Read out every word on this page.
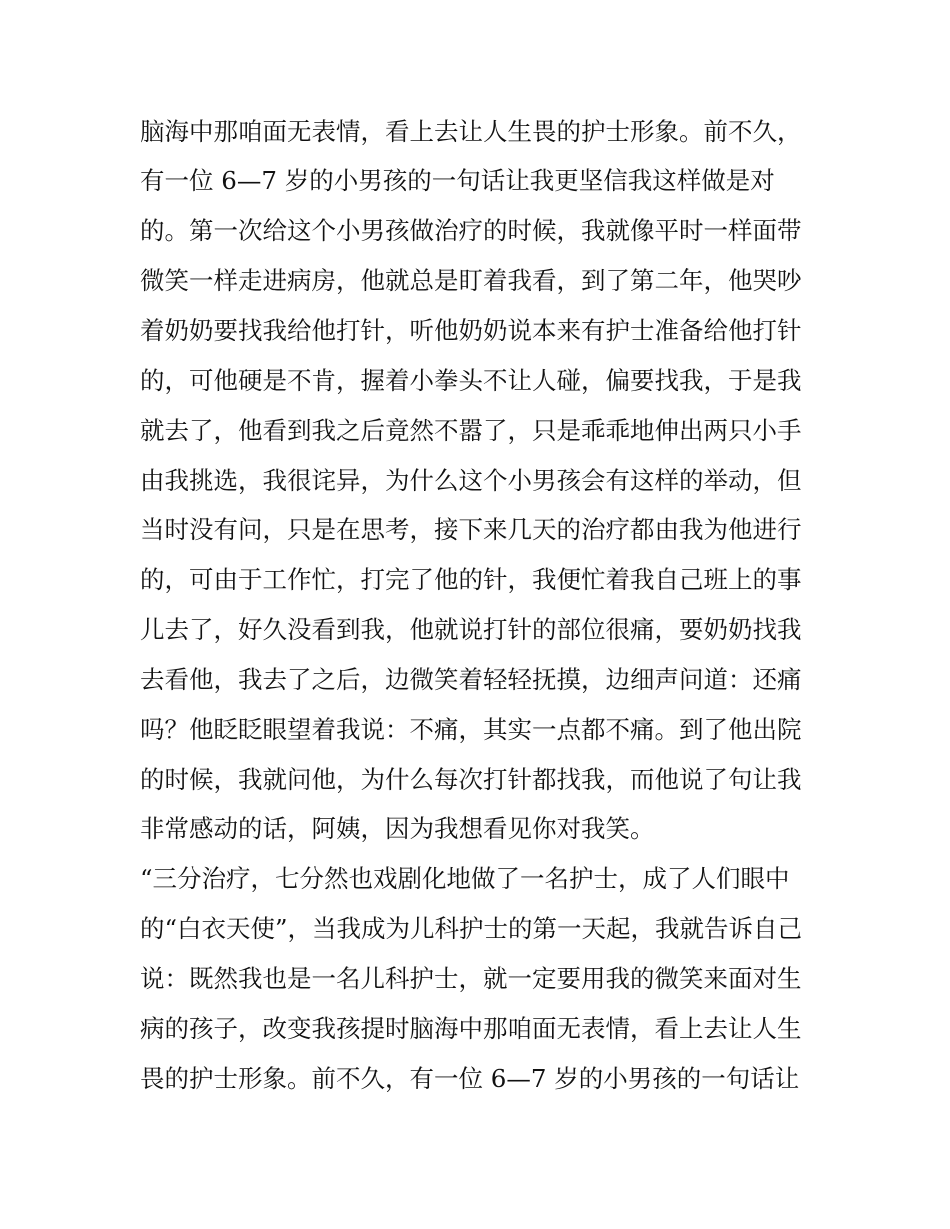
脑海中那咱面无表情，看上去让人生畏的护士形象。前不久，
有一位 6—7 岁的小男孩的一句话让我更坚信我这样做是对
的。第一次给这个小男孩做治疗的时候，我就像平时一样面带
微笑一样走进病房，他就总是盯着我看，到了第二年，他哭吵
着奶奶要找我给他打针，听他奶奶说本来有护士准备给他打针
的，可他硬是不肯，握着小拳头不让人碰，偏要找我，于是我
就去了，他看到我之后竟然不嚣了，只是乖乖地伸出两只小手
由我挑选，我很诧异，为什么这个小男孩会有这样的举动，但
当时没有问，只是在思考，接下来几天的治疗都由我为他进行
的，可由于工作忙，打完了他的针，我便忙着我自己班上的事
儿去了，好久没看到我，他就说打针的部位很痛，要奶奶找我
去看他，我去了之后，边微笑着轻轻抚摸，边细声问道：还痛
吗？他眨眨眼望着我说：不痛，其实一点都不痛。到了他出院
的时候，我就问他，为什么每次打针都找我，而他说了句让我
非常感动的话，阿姨，因为我想看见你对我笑。
“三分治疗，七分然也戏剧化地做了一名护士，成了人们眼中
的“白衣天使”，当我成为儿科护士的第一天起，我就告诉自己
说：既然我也是一名儿科护士，就一定要用我的微笑来面对生
病的孩子，改变我孩提时脑海中那咱面无表情，看上去让人生
畏的护士形象。前不久，有一位 6—7 岁的小男孩的一句话让
